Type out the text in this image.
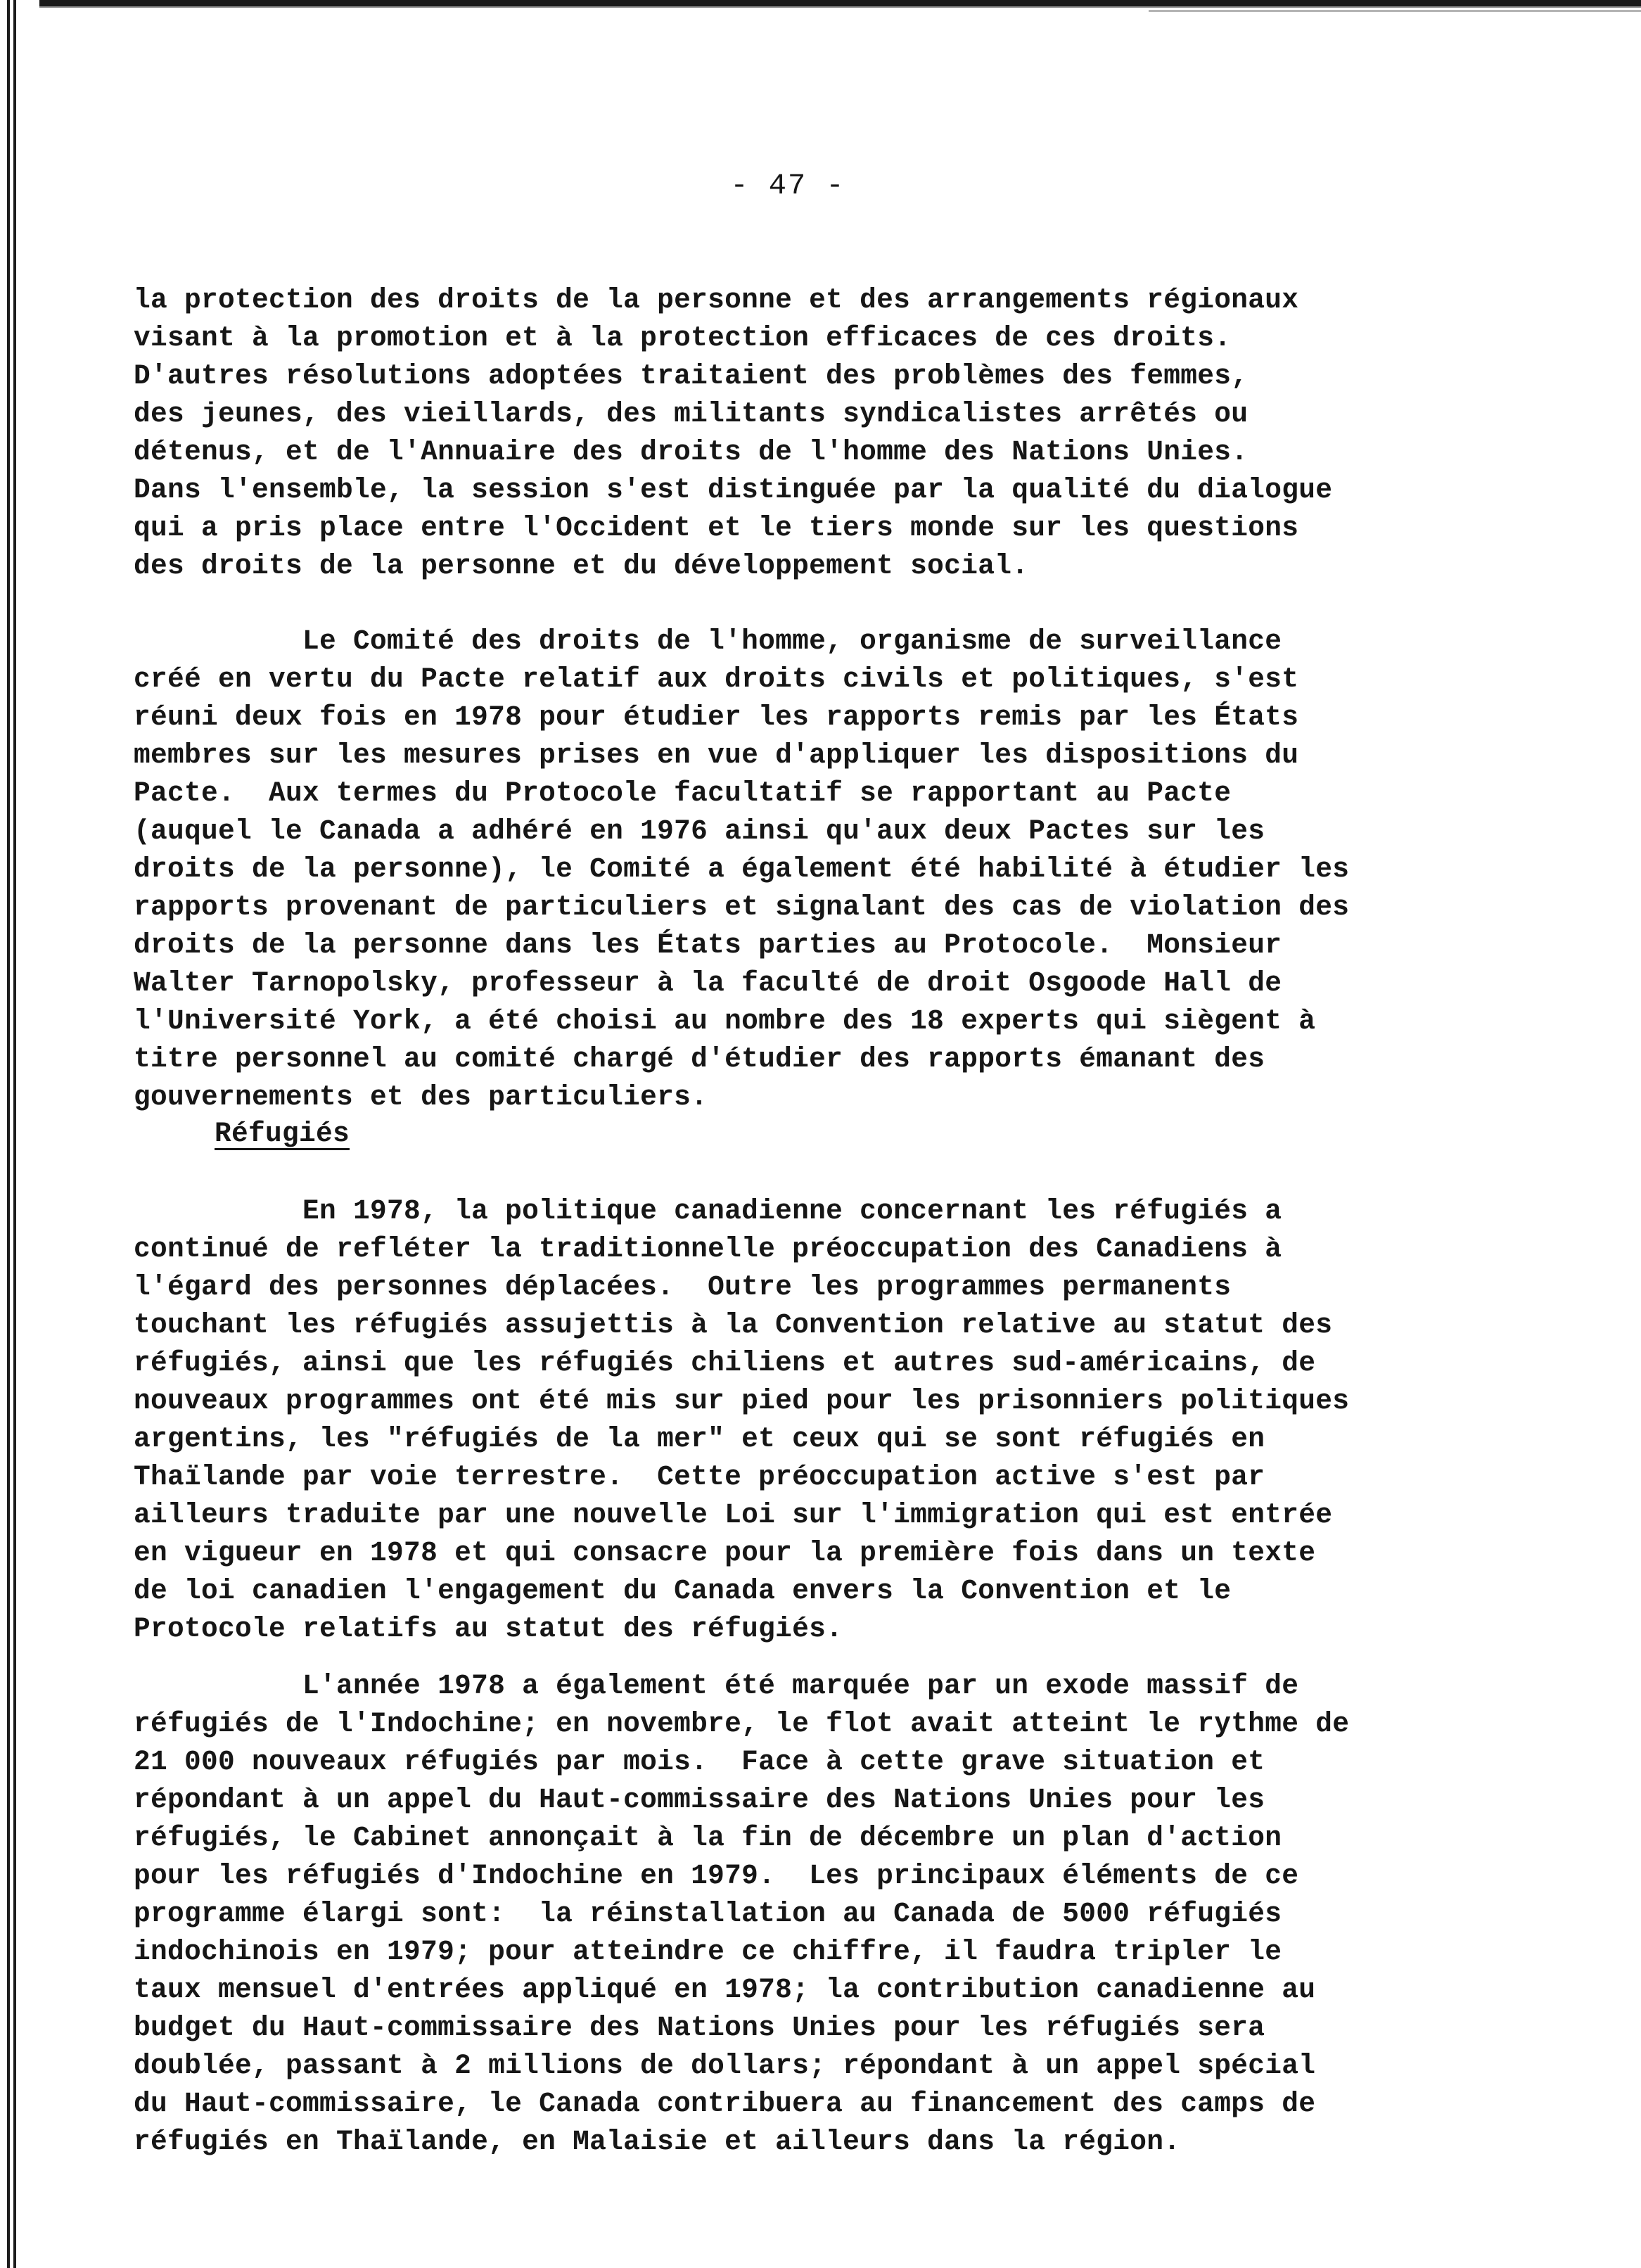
- 47 -
la protection des droits de la personne et des arrangements régionaux
visant à la promotion et à la protection efficaces de ces droits.
D'autres résolutions adoptées traitaient des problèmes des femmes,
des jeunes, des vieillards, des militants syndicalistes arrêtés ou
détenus, et de l'Annuaire des droits de l'homme des Nations Unies.
Dans l'ensemble, la session s'est distinguée par la qualité du dialogue
qui a pris place entre l'Occident et le tiers monde sur les questions
des droits de la personne et du développement social.
Le Comité des droits de l'homme, organisme de surveillance
créé en vertu du Pacte relatif aux droits civils et politiques, s'est
réuni deux fois en 1978 pour étudier les rapports remis par les États
membres sur les mesures prises en vue d'appliquer les dispositions du
Pacte.  Aux termes du Protocole facultatif se rapportant au Pacte
(auquel le Canada a adhéré en 1976 ainsi qu'aux deux Pactes sur les
droits de la personne), le Comité a également été habilité à étudier les
rapports provenant de particuliers et signalant des cas de violation des
droits de la personne dans les États parties au Protocole.  Monsieur
Walter Tarnopolsky, professeur à la faculté de droit Osgoode Hall de
l'Université York, a été choisi au nombre des 18 experts qui siègent à
titre personnel au comité chargé d'étudier des rapports émanant des
gouvernements et des particuliers.
Réfugiés
En 1978, la politique canadienne concernant les réfugiés a
continué de refléter la traditionnelle préoccupation des Canadiens à
l'égard des personnes déplacées.  Outre les programmes permanents
touchant les réfugiés assujettis à la Convention relative au statut des
réfugiés, ainsi que les réfugiés chiliens et autres sud-américains, de
nouveaux programmes ont été mis sur pied pour les prisonniers politiques
argentins, les "réfugiés de la mer" et ceux qui se sont réfugiés en
Thaïlande par voie terrestre.  Cette préoccupation active s'est par
ailleurs traduite par une nouvelle Loi sur l'immigration qui est entrée
en vigueur en 1978 et qui consacre pour la première fois dans un texte
de loi canadien l'engagement du Canada envers la Convention et le
Protocole relatifs au statut des réfugiés.
L'année 1978 a également été marquée par un exode massif de
réfugiés de l'Indochine; en novembre, le flot avait atteint le rythme de
21 000 nouveaux réfugiés par mois.  Face à cette grave situation et
répondant à un appel du Haut-commissaire des Nations Unies pour les
réfugiés, le Cabinet annonçait à la fin de décembre un plan d'action
pour les réfugiés d'Indochine en 1979.  Les principaux éléments de ce
programme élargi sont:  la réinstallation au Canada de 5000 réfugiés
indochinois en 1979; pour atteindre ce chiffre, il faudra tripler le
taux mensuel d'entrées appliqué en 1978; la contribution canadienne au
budget du Haut-commissaire des Nations Unies pour les réfugiés sera
doublée, passant à 2 millions de dollars; répondant à un appel spécial
du Haut-commissaire, le Canada contribuera au financement des camps de
réfugiés en Thaïlande, en Malaisie et ailleurs dans la région.
